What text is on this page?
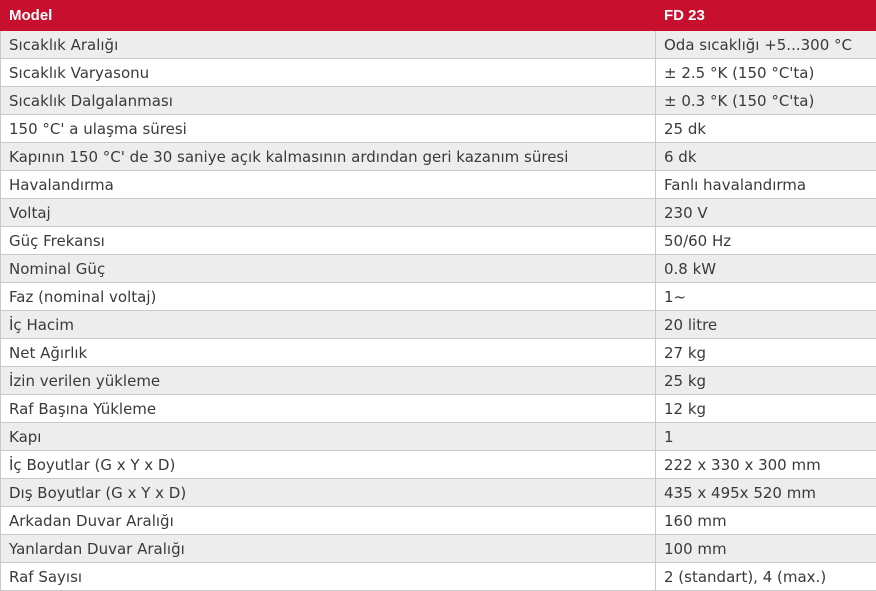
Model	FD 23
Sıcaklık Aralığı	Oda sıcaklığı +5...300 °C
Sıcaklık Varyasonu	± 2.5 °K (150 °C'ta)
Sıcaklık Dalgalanması	± 0.3 °K (150 °C'ta)
150 °C' a ulaşma süresi	25 dk
Kapının 150 °C' de 30 saniye açık kalmasının ardından geri kazanım süresi	6 dk
Havalandırma	Fanlı havalandırma
Voltaj	230 V
Güç Frekansı	50/60 Hz
Nominal Güç	0.8 kW
Faz (nominal voltaj)	1~
İç Hacim	20 litre
Net Ağırlık	27 kg
İzin verilen yükleme	25 kg
Raf Başına Yükleme	12 kg
Kapı	1
İç Boyutlar (G x Y x D)	222 x 330 x 300 mm
Dış Boyutlar (G x Y x D)	435 x 495x 520 mm
Arkadan Duvar Aralığı	160 mm
Yanlardan Duvar Aralığı	100 mm
Raf Sayısı	2 (standart), 4 (max.)
